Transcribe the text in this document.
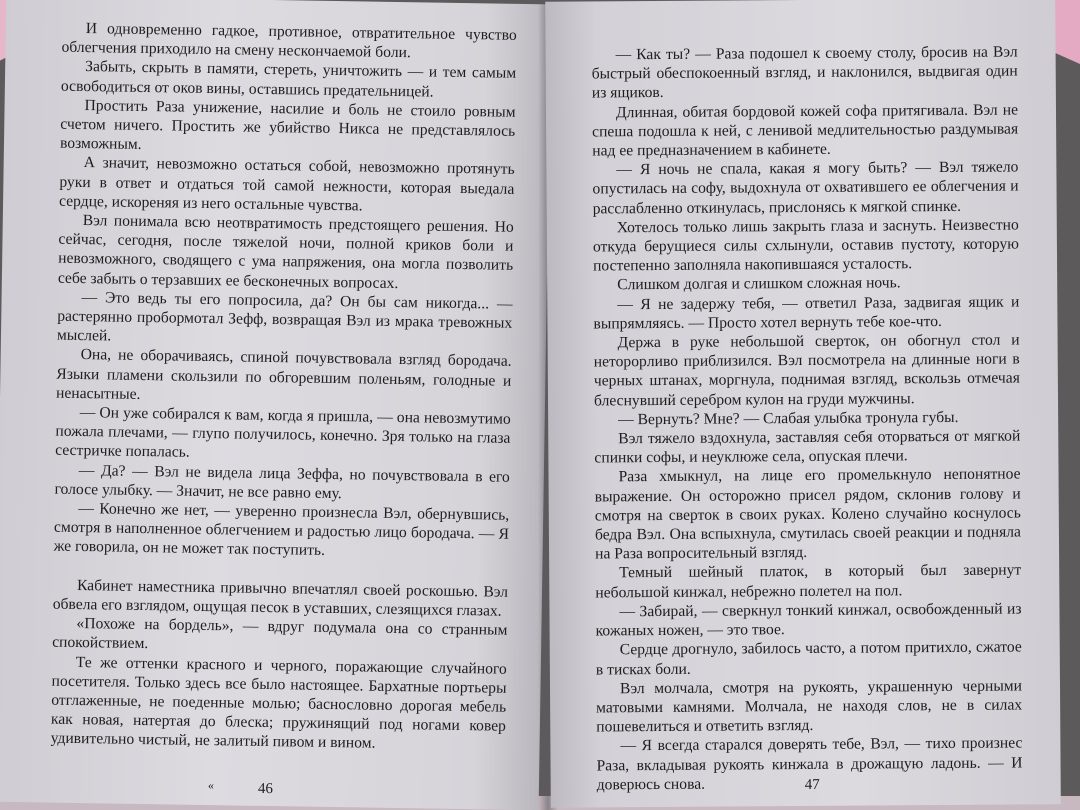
И одновременно гадкое, противное, отвратительное чувство облегчения приходило на смену нескончаемой боли.

Забыть, скрыть в памяти, стереть, уничтожить — и тем самым освободиться от оков вины, оставшись предательницей.

Простить Раза унижение, насилие и боль не стоило ровным счетом ничего. Простить же убийство Никса не представлялось возможным.

А значит, невозможно остаться собой, невозможно протянуть руки в ответ и отдаться той самой нежности, которая выедала сердце, искореняя из него остальные чувства.

Вэл понимала всю неотвратимость предстоящего решения. Но сейчас, сегодня, после тяжелой ночи, полной криков боли и невозможного, сводящего с ума напряжения, она могла позволить себе забыть о терзавших ее бесконечных вопросах.

— Это ведь ты его попросила, да? Он бы сам никогда... — растерянно пробормотал Зефф, возвращая Вэл из мрака тревожных мыслей.

Она, не оборачиваясь, спиной почувствовала взгляд бородача. Языки пламени скользили по обгоревшим поленьям, голодные и ненасытные.

— Он уже собирался к вам, когда я пришла, — она невозмутимо пожала плечами, — глупо получилось, конечно. Зря только на глаза сестричке попалась.

— Да? — Вэл не видела лица Зеффа, но почувствовала в его голосе улыбку. — Значит, не все равно ему.

— Конечно же нет, — уверенно произнесла Вэл, обернувшись, смотря в наполненное облегчением и радостью лицо бородача. — Я же говорила, он не может так поступить.

Кабинет наместника привычно впечатлял своей роскошью. Вэл обвела его взглядом, ощущая песок в уставших, слезящихся глазах.

«Похоже на бордель», — вдруг подумала она со странным спокойствием.

Те же оттенки красного и черного, поражающие случайного посетителя. Только здесь все было настоящее. Бархатные портьеры отглаженные, не поеденные молью; баснословно дорогая мебель как новая, натертая до блеска; пружинящий под ногами ковер удивительно чистый, не залитый пивом и вином.

«	46

— Как ты? — Раза подошел к своему столу, бросив на Вэл быстрый обеспокоенный взгляд, и наклонился, выдвигая один из ящиков.

Длинная, обитая бордовой кожей софа притягивала. Вэл не спеша подошла к ней, с ленивой медлительностью раздумывая над ее предназначением в кабинете.

— Я ночь не спала, какая я могу быть? — Вэл тяжело опустилась на софу, выдохнула от охватившего ее облегчения и расслабленно откинулась, прислонясь к мягкой спинке.

Хотелось только лишь закрыть глаза и заснуть. Неизвестно откуда берущиеся силы схлынули, оставив пустоту, которую постепенно заполняла накопившаяся усталость.

Слишком долгая и слишком сложная ночь.

— Я не задержу тебя, — ответил Раза, задвигая ящик и выпрямляясь. — Просто хотел вернуть тебе кое-что.

Держа в руке небольшой сверток, он обогнул стол и нетороpливо приблизился. Вэл посмотрела на длинные ноги в черных штанах, моргнула, поднимая взгляд, вскользь отмечая блеснувший серебром кулон на груди мужчины.

— Вернуть? Мне? — Слабая улыбка тронула губы.

Вэл тяжело вздохнула, заставляя себя оторваться от мягкой спинки софы, и неуклюже села, опуская плечи.

Раза хмыкнул, на лице его промелькнуло непонятное выражение. Он осторожно присел рядом, склонив голову и смотря на сверток в своих руках. Колено случайно коснулось бедра Вэл. Она вспыхнула, смутилась своей реакции и подняла на Раза вопросительный взгляд.

Темный шейный платок, в который был завернут небольшой кинжал, небрежно полетел на пол.

— Забирай, — сверкнул тонкий кинжал, освобожденный из кожаных ножен, — это твое.

Сердце дрогнуло, забилось часто, а потом притихло, сжатое в тисках боли.

Вэл молчала, смотря на рукоять, украшенную черными матовыми камнями. Молчала, не находя слов, не в силах пошевелиться и ответить взгляд.

— Я всегда старался доверять тебе, Вэл, — тихо произнес Раза, вкладывая рукоять кинжала в дрожащую ладонь. — И доверюсь снова.	47
